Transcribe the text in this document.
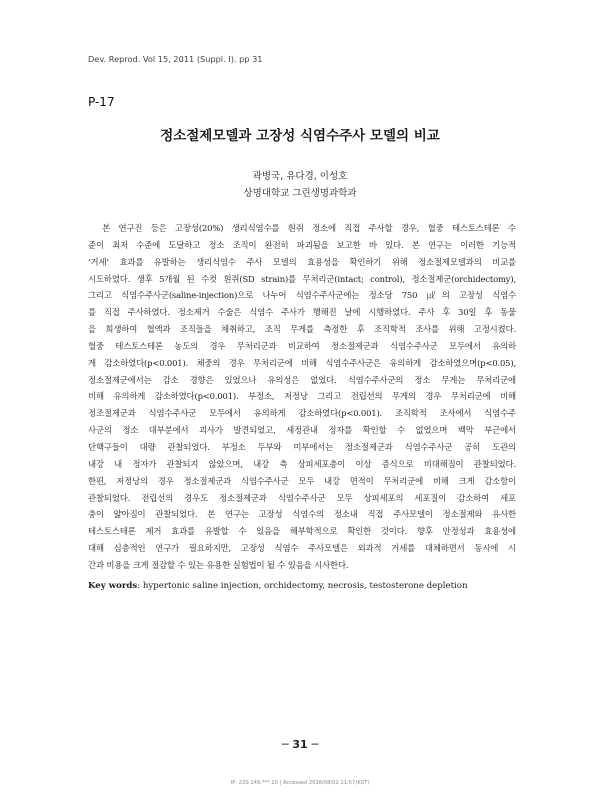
Dev. Reprod. Vol 15, 2011 (Suppl. I). pp 31
P-17
정소절제모델과 고장성 식염수주사 모델의 비교
곽병국, 유다경, 이성호
상명대학교 그린생명과학과
　본 연구진 등은 고장성(20%) 생리식염수를 흰쥐 정소에 직접 주사할 경우, 혈중 테스토스테론 수
준이 최저 수준에 도달하고 정소 조직이 완전히 파괴됨을 보고한 바 있다. 본 연구는 이러한 기능적
‘거세’ 효과를 유발하는 생리식염수 주사 모델의 효용성을 확인하기 위해 정소절제모델과의 비교를
시도하였다. 생후 5개월 된 수컷 흰쥐(SD strain)를 무처리군(intact; control), 정소절제군(orchidectomy),
그리고 식염수주사군(saline-injection)으로 나누어 식염수주사군에는 정소당 750 ㎕의 고장성 식염수
를 직접 주사하였다. 정소제거 수술은 식염수 주사가 행해진 날에 시행하였다. 주사 후 30일 후 동물
을 희생하여 혈액과 조직들을 채취하고, 조직 무게를 측정한 후 조직학적 조사를 위해 고정시켰다.
혈중 테스토스테론 농도의 경우 무처리군과 비교하여 정소절제군과 식염수주사군 모두에서 유의하
게 감소하였다(p<0.001). 체중의 경우 무처리군에 비해 식염수주사군은 유의하게 감소하였으며(p<0.05),
정소절제군에서는 감소 경향은 있었으나 유의성은 없었다. 식염수주사군의 정소 무게는 무처리군에
비해 유의하게 감소하였다(p<0.001). 부정소, 저정낭 그리고 전립선의 무게의 경우 무처리군에 비해
정조절제군과 식염수주사군 모두에서 유의하게 감소하였다(p<0.001). 조직학적 조사에서 식염수주
사군의 정소 대부분에서 괴사가 발견되었고, 세정관내 정자를 확인할 수 없었으며 백막 부근에서
단핵구들이 대량 관찰되었다. 부정소 두부와 미부에서는 정소절제군과 식염수주사군 공히 도관의
내강 내 정자가 관찰되지 않았으며, 내강 측 상피세포층이 이상 증식으로 비대해짐이 관찰되었다.
한편, 저정낭의 경우 정소절제군과 식염수주사군 모두 내강 면적이 무처리군에 비해 크게 감소함이
관찰되었다. 전립선의 경우도 정소절제군과 식염수주사군 모두 상피세포의 세포질이 감소하여 세포
충이 얇아짐이 관찰되었다. 본 연구는 고장성 식염수의 정소내 직접 주사모델이 정소절제와 유사한
테스토스테론 제거 효과를 유발할 수 있음을 해부학적으로 확인한 것이다. 향후 안정성과 효용성에
대해 심층적인 연구가 필요하지만, 고장성 식염수 주사모델은 외과적 거세를 대체하면서 동시에 시
간과 비용을 크게 절감할 수 있는 유용한 실험법이 될 수 있음을 시사한다.
Key words: hypertonic saline injection, orchidectomy, necrosis, testosterone depletion
─ 31 ─
IP: 220.149.***.10 | Accessed 2018/08/02 11:57(KST)
